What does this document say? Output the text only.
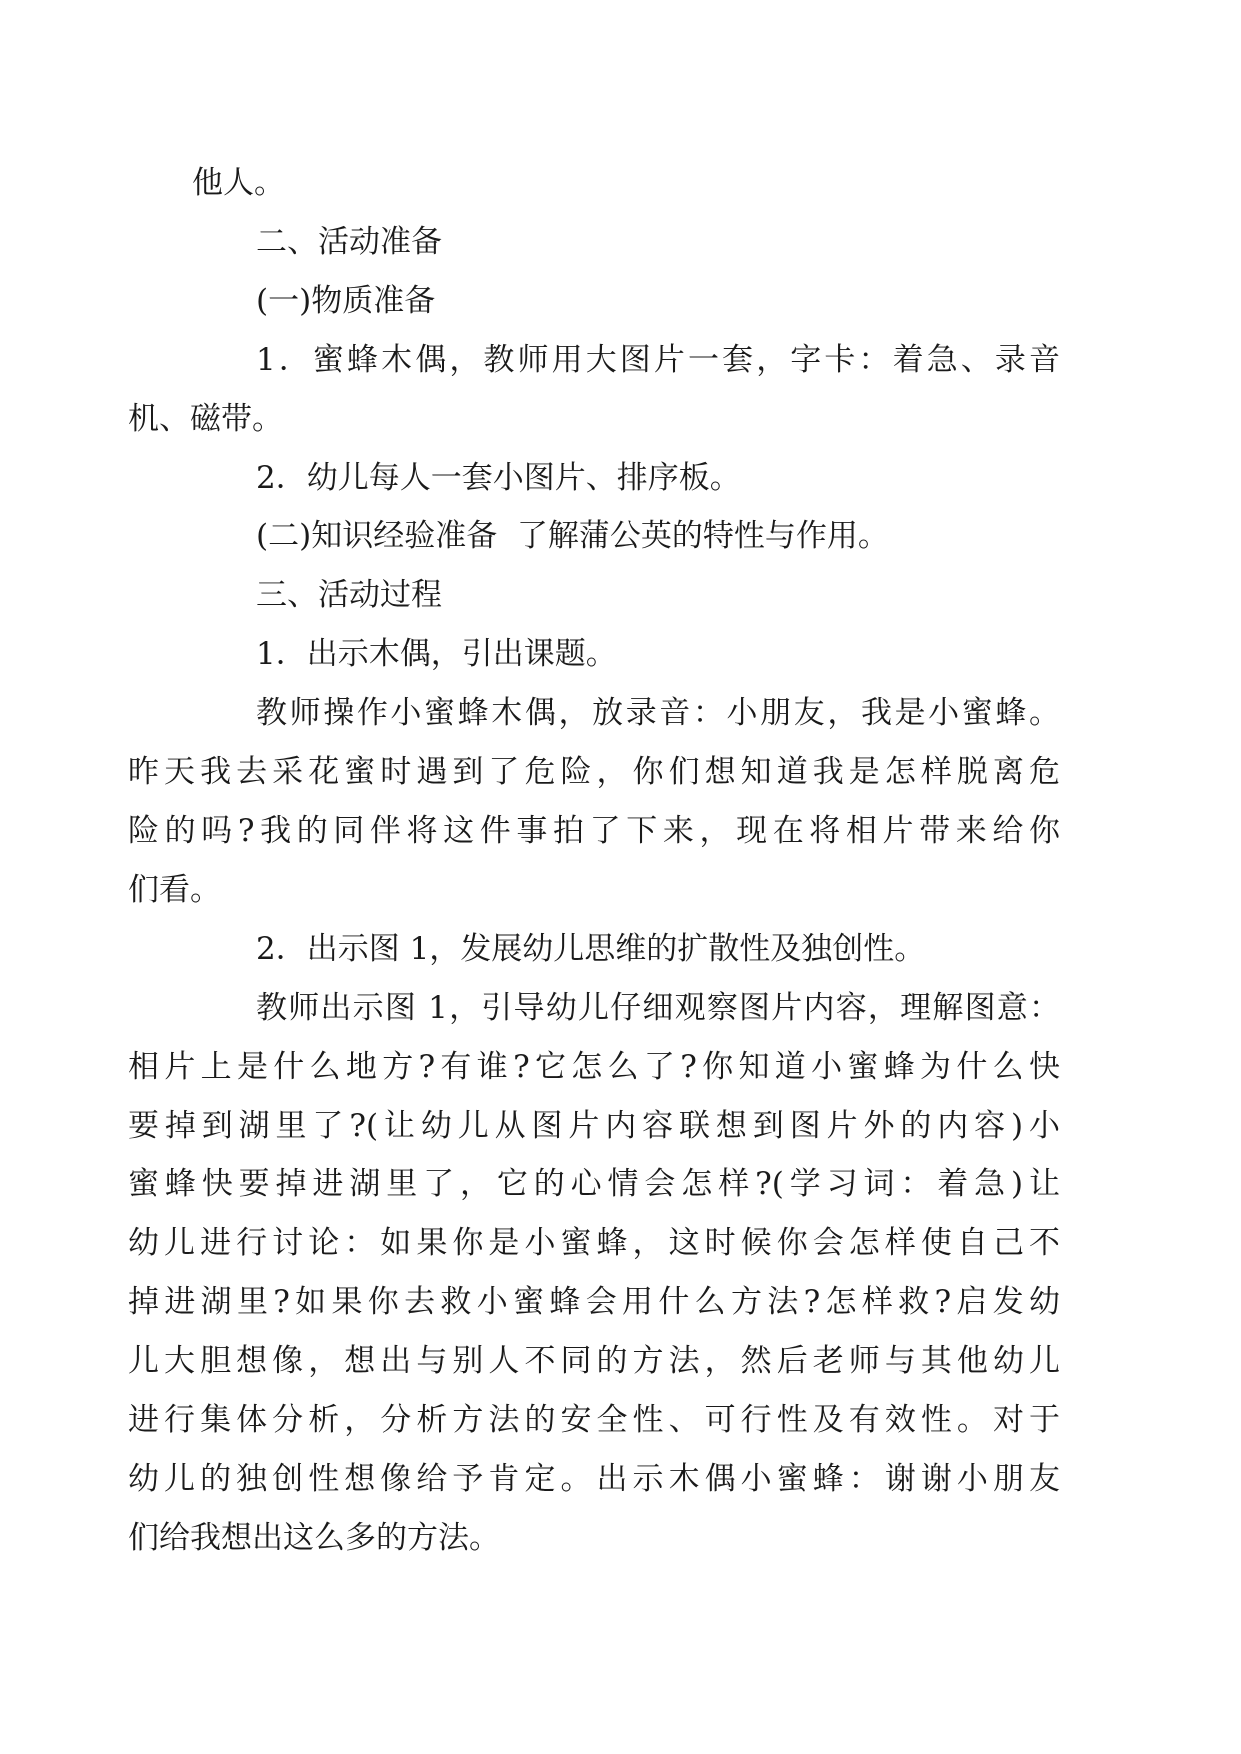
他人。

二、活动准备

(一)物质准备

1．蜜蜂木偶，教师用大图片一套，字卡：着急、录音
机、磁带。

2．幼儿每人一套小图片、排序板。

(二)知识经验准备  了解蒲公英的特性与作用。

三、活动过程

1．出示木偶，引出课题。

教师操作小蜜蜂木偶，放录音：小朋友，我是小蜜蜂。
昨天我去采花蜜时遇到了危险，你们想知道我是怎样脱离危
险的吗?我的同伴将这件事拍了下来，现在将相片带来给你
们看。

2．出示图 1，发展幼儿思维的扩散性及独创性。

教师出示图 1，引导幼儿仔细观察图片内容，理解图意：
相片上是什么地方?有谁?它怎么了?你知道小蜜蜂为什么快
要掉到湖里了?(让幼儿从图片内容联想到图片外的内容)小
蜜蜂快要掉进湖里了，它的心情会怎样?(学习词：着急)让
幼儿进行讨论：如果你是小蜜蜂，这时候你会怎样使自己不
掉进湖里?如果你去救小蜜蜂会用什么方法?怎样救?启发幼
儿大胆想像，想出与别人不同的方法，然后老师与其他幼儿
进行集体分析，分析方法的安全性、可行性及有效性。对于
幼儿的独创性想像给予肯定。出示木偶小蜜蜂：谢谢小朋友
们给我想出这么多的方法。
